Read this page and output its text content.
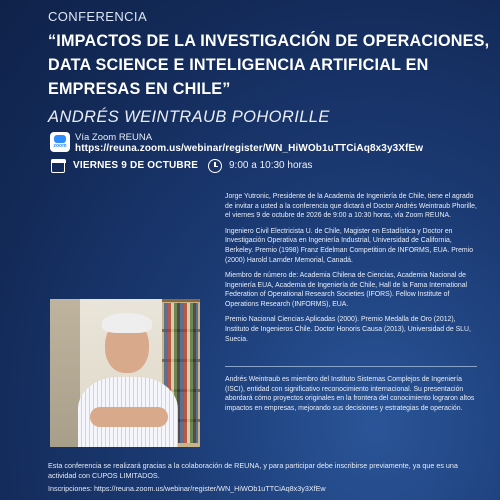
CONFERENCIA
“IMPACTOS DE LA INVESTIGACIÓN DE OPERACIONES, DATA SCIENCE E INTELIGENCIA ARTIFICIAL EN EMPRESAS EN CHILE”
ANDRÉS WEINTRAUB POHORILLE
zoom
Vía Zoom REUNA
https://reuna.zoom.us/webinar/register/WN_HiWOb1uTTCiAq8x3y3XfEw
VIERNES 9 DE OCTUBRE	9:00 a 10:30 horas

Jorge Yutronic, Presidente de la Academia de Ingeniería de Chile, tiene el agrado de invitar a usted a la conferencia que dictará el Doctor Andrés Weintraub Phorille, el viernes 9 de octubre de 2026 de 9:00 a 10:30 horas, vía Zoom REUNA.

Ingeniero Civil Electricista U. de Chile, Magister en Estadística y Doctor en Investigación Operativa en Ingeniería Industrial, Universidad de California, Berkeley. Premio (1998) Franz Edelman Competition de INFORMS, EUA. Premio (2000) Harold Larnder Memorial, Canadá.

Miembro de número de: Academia Chilena de Ciencias, Academia Nacional de Ingeniería EUA, Academia de Ingeniería de Chile, Hall de la Fama International Federation of Operational Research Societies (IFORS). Fellow Institute of Operations Research (INFORMS), EUA.

Premio Nacional Ciencias Aplicadas (2000). Premio Medalla de Oro (2012), Instituto de Ingenieros Chile. Doctor Honoris Causa (2013), Universidad de SLU, Suecia.

Andrés Weintraub es miembro del Instituto Sistemas Complejos de Ingeniería (ISCI), entidad con significativo reconocimiento internacional. Su presentación abordará cómo proyectos originales en la frontera del conocimiento lograron altos impactos en empresas, mejorando sus decisiones y estrategias de operación.
Esta conferencia se realizará gracias a la colaboración de REUNA, y para participar debe inscribirse previamente, ya que es una actividad con CUPOS LIMITADOS.
Inscripciones: https://reuna.zoom.us/webinar/register/WN_HiWOb1uTTCiAq8x3y3XfEw
